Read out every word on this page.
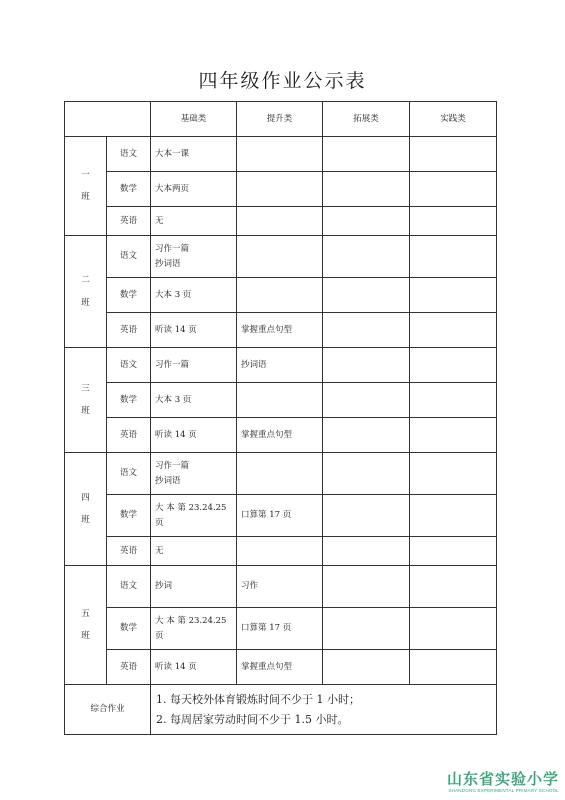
四年级作业公示表
		基础类	提升类	拓展类	实践类

一
班	语文	大本一课			
	数学	大本两页			
	英语	无			

二
班	语文	习作一篇
抄词语			
	数学	大本 3 页			
	英语	听读 14 页	掌握重点句型		

三
班	语文	习作一篇	抄词语		
	数学	大本 3 页			
	英语	听读 14 页	掌握重点句型		

四
班	语文	习作一篇
抄词语			
	数学	大 本 第 23.24.25
页	口算第 17 页		
	英语	无			

五
班	语文	抄词	习作		
	数学	大 本 第 23.24.25
页	口算第 17 页		
	英语	听读 14 页	掌握重点句型		
综合作业		1. 每天校外体育锻炼时间不少于 1 小时；
2. 每周居家劳动时间不少于 1.5 小时。			
山东省实验小学
SHANDONG EXPERIMENTAL PRIMARY SCHOOL
